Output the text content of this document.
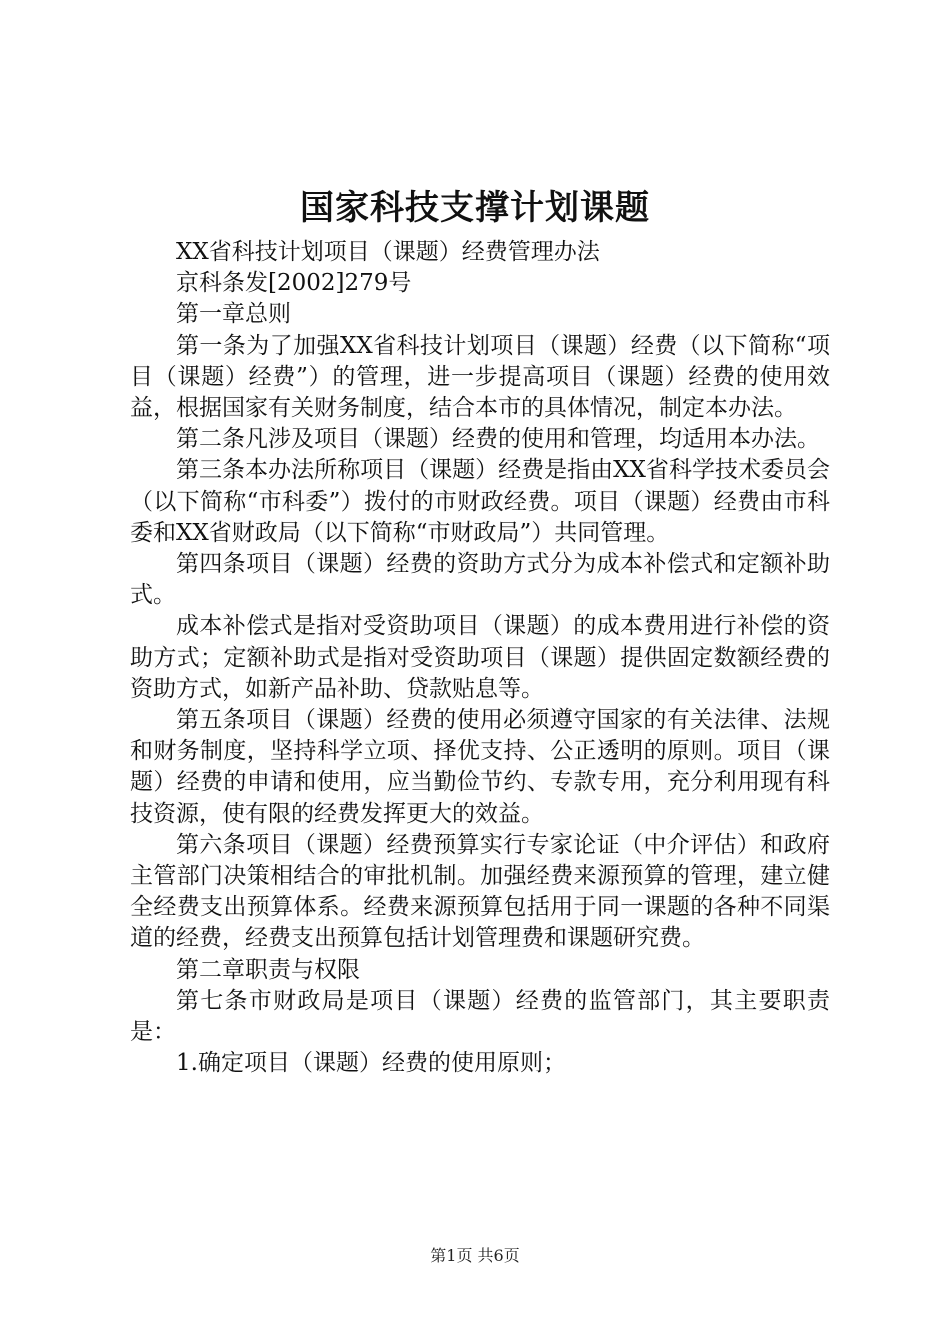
国家科技支撑计划课题

XX省科技计划项目（课题）经费管理办法

京科条发[2002]279号

第一章总则

第一条为了加强XX省科技计划项目（课题）经费（以下简称“项目（课题）经费”）的管理，进一步提高项目（课题）经费的使用效益，根据国家有关财务制度，结合本市的具体情况，制定本办法。

第二条凡涉及项目（课题）经费的使用和管理，均适用本办法。

第三条本办法所称项目（课题）经费是指由XX省科学技术委员会（以下简称“市科委”）拨付的市财政经费。项目（课题）经费由市科委和XX省财政局（以下简称“市财政局”）共同管理。

第四条项目（课题）经费的资助方式分为成本补偿式和定额补助式。

成本补偿式是指对受资助项目（课题）的成本费用进行补偿的资助方式；定额补助式是指对受资助项目（课题）提供固定数额经费的资助方式，如新产品补助、贷款贴息等。

第五条项目（课题）经费的使用必须遵守国家的有关法律、法规和财务制度，坚持科学立项、择优支持、公正透明的原则。项目（课题）经费的申请和使用，应当勤俭节约、专款专用，充分利用现有科技资源，使有限的经费发挥更大的效益。

第六条项目（课题）经费预算实行专家论证（中介评估）和政府主管部门决策相结合的审批机制。加强经费来源预算的管理，建立健全经费支出预算体系。经费来源预算包括用于同一课题的各种不同渠道的经费，经费支出预算包括计划管理费和课题研究费。

第二章职责与权限

第七条市财政局是项目（课题）经费的监管部门，其主要职责是：

1.确定项目（课题）经费的使用原则；

第1页 共6页
